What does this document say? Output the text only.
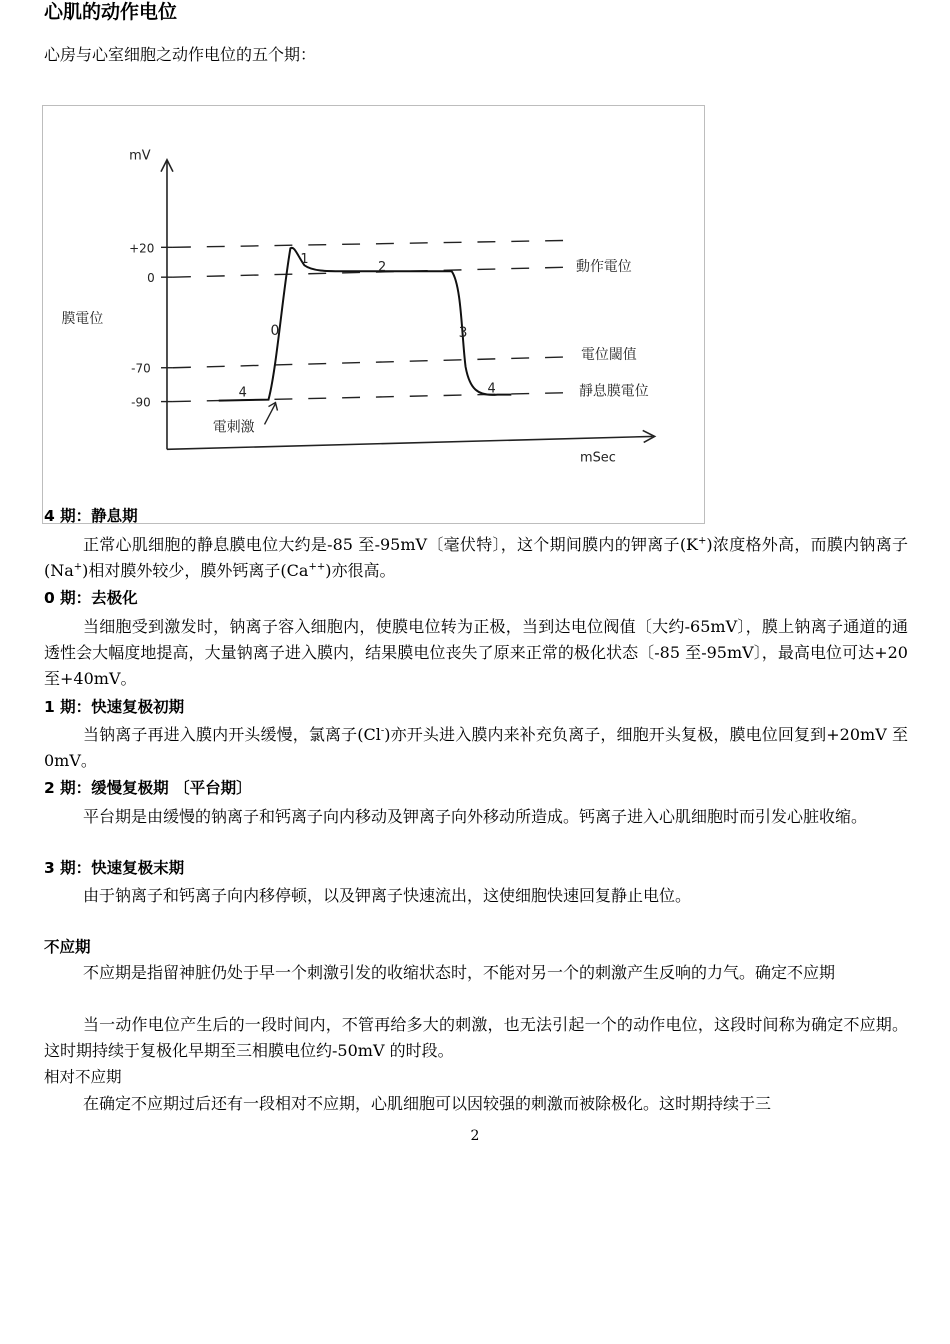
心肌的动作电位
心房与心室细胞之动作电位的五个期：
mV
mSec
膜電位
+20
0
-70
-90
0
1
2
3
4	4
動作電位
電位閾值
靜息膜電位
電刺激
4 期：静息期

正常心肌细胞的静息膜电位大约是-85 至-95mV〔毫伏特〕，这个期间膜内的钾离子(K+)浓度格外高，而膜内钠离子(Na+)相对膜外较少，膜外钙离子(Ca++)亦很高。

0 期：去极化

当细胞受到激发时，钠离子容入细胞内，使膜电位转为正极，当到达电位阀值〔大约-65mV〕，膜上钠离子通道的通透性会大幅度地提高，大量钠离子进入膜内，结果膜电位丧失了原来正常的极化状态〔-85 至-95mV〕，最高电位可达+20 至+40mV。

1 期：快速复极初期

当钠离子再进入膜内开头缓慢，氯离子(Cl-)亦开头进入膜内来补充负离子，细胞开头复极，膜电位回复到+20mV 至 0mV。

2 期：缓慢复极期 〔平台期〕

平台期是由缓慢的钠离子和钙离子向内移动及钾离子向外移动所造成。钙离子进入心肌细胞时而引发心脏收缩。

3 期：快速复极末期

由于钠离子和钙离子向内移停顿，以及钾离子快速流出，这使细胞快速回复静止电位。

不应期

不应期是指留神脏仍处于早一个刺激引发的收缩状态时，不能对另一个的刺激产生反响的力气。确定不应期

当一动作电位产生后的一段时间内，不管再给多大的刺激，也无法引起一个的动作电位，这段时间称为确定不应期。这时期持续于复极化早期至三相膜电位约-50mV 的时段。

相对不应期

在确定不应期过后还有一段相对不应期，心肌细胞可以因较强的刺激而被除极化。这时期持续于三

2
